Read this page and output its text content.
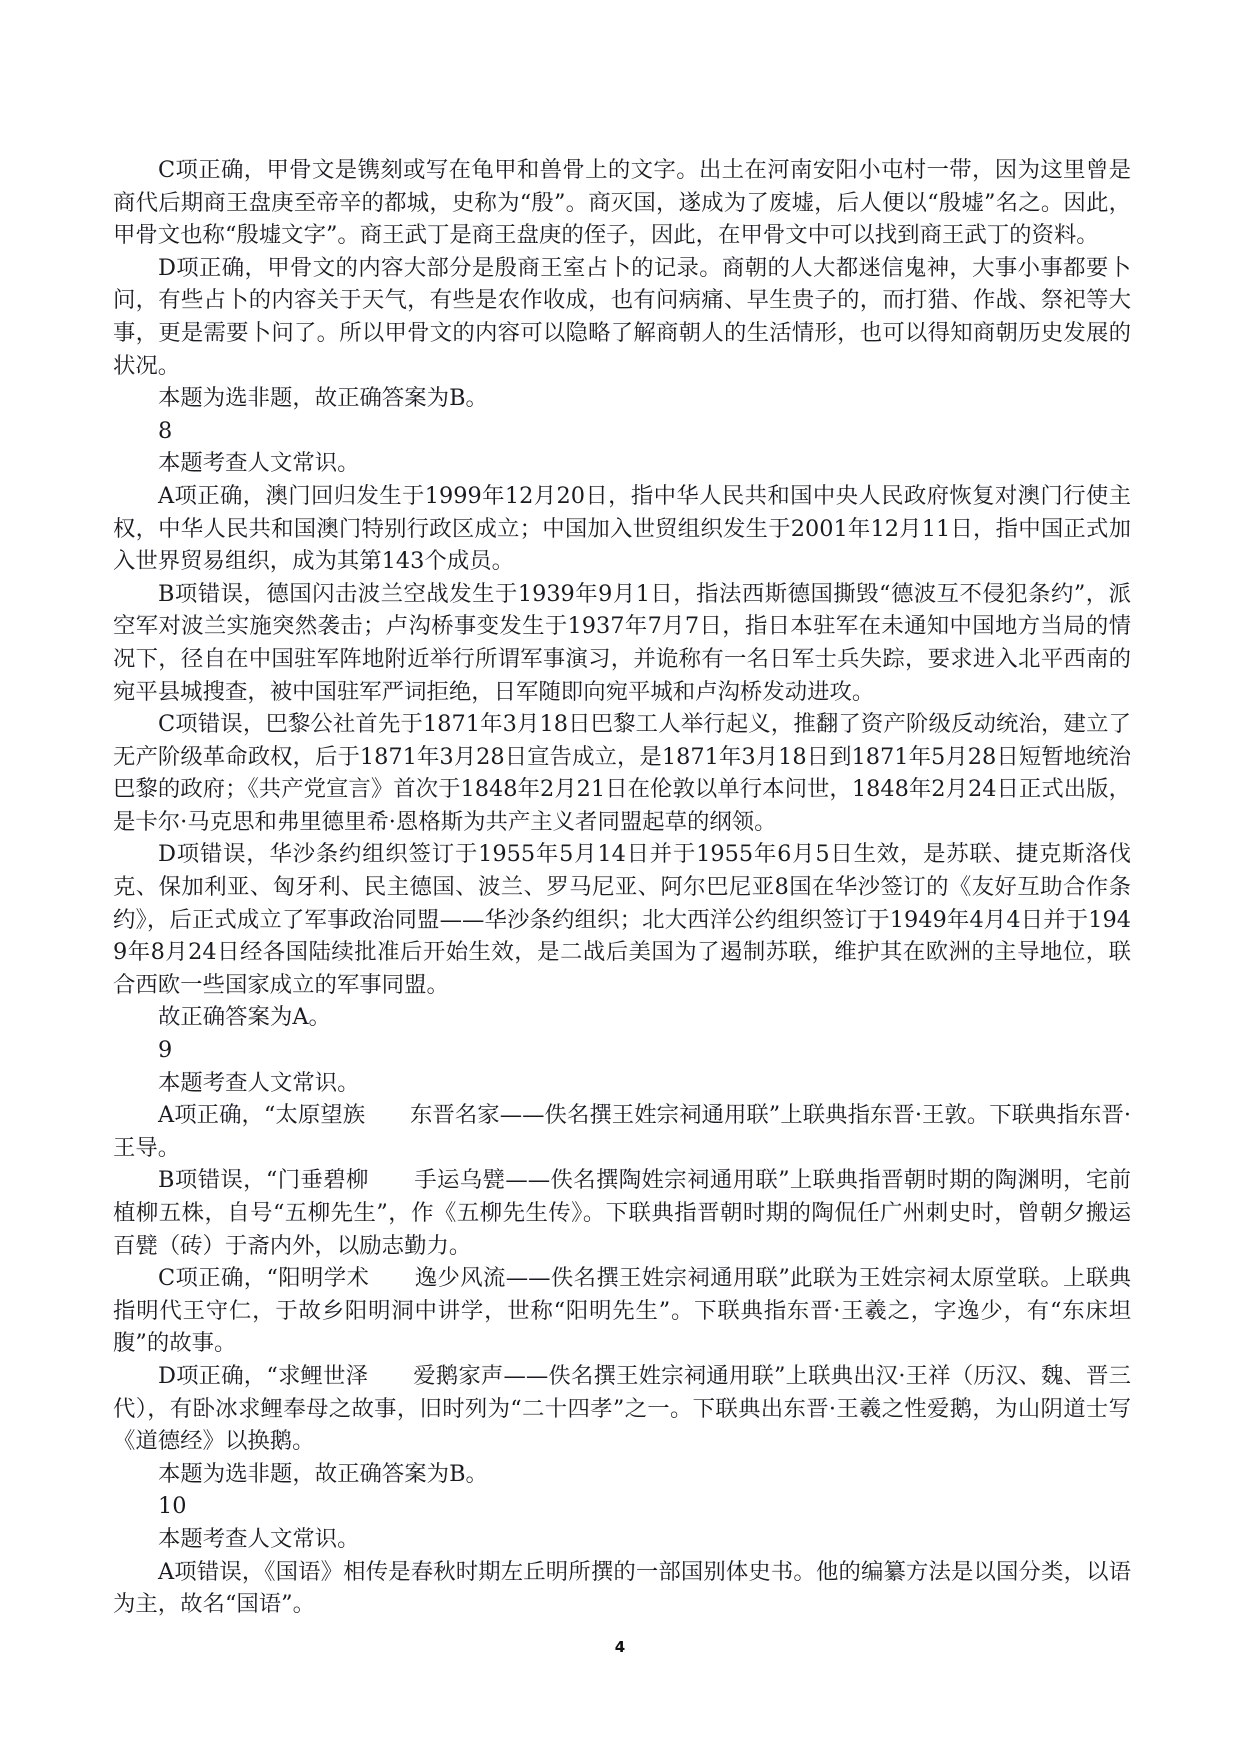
C项正确，甲骨文是镌刻或写在龟甲和兽骨上的文字。出土在河南安阳小屯村一带，因为这里曾是商代后期商王盘庚至帝辛的都城，史称为“殷”。商灭国，遂成为了废墟，后人便以“殷墟”名之。因此，甲骨文也称“殷墟文字”。商王武丁是商王盘庚的侄子，因此，在甲骨文中可以找到商王武丁的资料。

D项正确，甲骨文的内容大部分是殷商王室占卜的记录。商朝的人大都迷信鬼神，大事小事都要卜问，有些占卜的内容关于天气，有些是农作收成，也有问病痛、早生贵子的，而打猎、作战、祭祀等大事，更是需要卜问了。所以甲骨文的内容可以隐略了解商朝人的生活情形，也可以得知商朝历史发展的状况。

本题为选非题，故正确答案为B。

8

本题考查人文常识。

A项正确，澳门回归发生于1999年12月20日，指中华人民共和国中央人民政府恢复对澳门行使主权，中华人民共和国澳门特别行政区成立；中国加入世贸组织发生于2001年12月11日，指中国正式加入世界贸易组织，成为其第143个成员。

B项错误，德国闪击波兰空战发生于1939年9月1日，指法西斯德国撕毁“德波互不侵犯条约”，派空军对波兰实施突然袭击；卢沟桥事变发生于1937年7月7日，指日本驻军在未通知中国地方当局的情况下，径自在中国驻军阵地附近举行所谓军事演习，并诡称有一名日军士兵失踪，要求进入北平西南的宛平县城搜查，被中国驻军严词拒绝，日军随即向宛平城和卢沟桥发动进攻。

C项错误，巴黎公社首先于1871年3月18日巴黎工人举行起义，推翻了资产阶级反动统治，建立了无产阶级革命政权，后于1871年3月28日宣告成立，是1871年3月18日到1871年5月28日短暂地统治巴黎的政府；《共产党宣言》首次于1848年2月21日在伦敦以单行本问世，1848年2月24日正式出版，是卡尔·马克思和弗里德里希·恩格斯为共产主义者同盟起草的纲领。

D项错误，华沙条约组织签订于1955年5月14日并于1955年6月5日生效，是苏联、捷克斯洛伐克、保加利亚、匈牙利、民主德国、波兰、罗马尼亚、阿尔巴尼亚8国在华沙签订的《友好互助合作条约》，后正式成立了军事政治同盟——华沙条约组织；北大西洋公约组织签订于1949年4月4日并于1949年8月24日经各国陆续批准后开始生效，是二战后美国为了遏制苏联，维护其在欧洲的主导地位，联合西欧一些国家成立的军事同盟。

故正确答案为A。

9

本题考查人文常识。

A项正确，“太原望族　　东晋名家——佚名撰王姓宗祠通用联”上联典指东晋·王敦。下联典指东晋·王导。

B项错误，“门垂碧柳　　手运乌甓——佚名撰陶姓宗祠通用联”上联典指晋朝时期的陶渊明，宅前植柳五株，自号“五柳先生”，作《五柳先生传》。下联典指晋朝时期的陶侃任广州刺史时，曾朝夕搬运百甓（砖）于斋内外，以励志勤力。

C项正确，“阳明学术　　逸少风流——佚名撰王姓宗祠通用联”此联为王姓宗祠太原堂联。上联典指明代王守仁，于故乡阳明洞中讲学，世称“阳明先生”。下联典指东晋·王羲之，字逸少，有“东床坦腹”的故事。

D项正确，“求鲤世泽　　爱鹅家声——佚名撰王姓宗祠通用联”上联典出汉·王祥（历汉、魏、晋三代），有卧冰求鲤奉母之故事，旧时列为“二十四孝”之一。下联典出东晋·王羲之性爱鹅，为山阴道士写《道德经》以换鹅。

本题为选非题，故正确答案为B。

10

本题考查人文常识。

A项错误，《国语》相传是春秋时期左丘明所撰的一部国别体史书。他的编纂方法是以国分类，以语为主，故名“国语”。

4
